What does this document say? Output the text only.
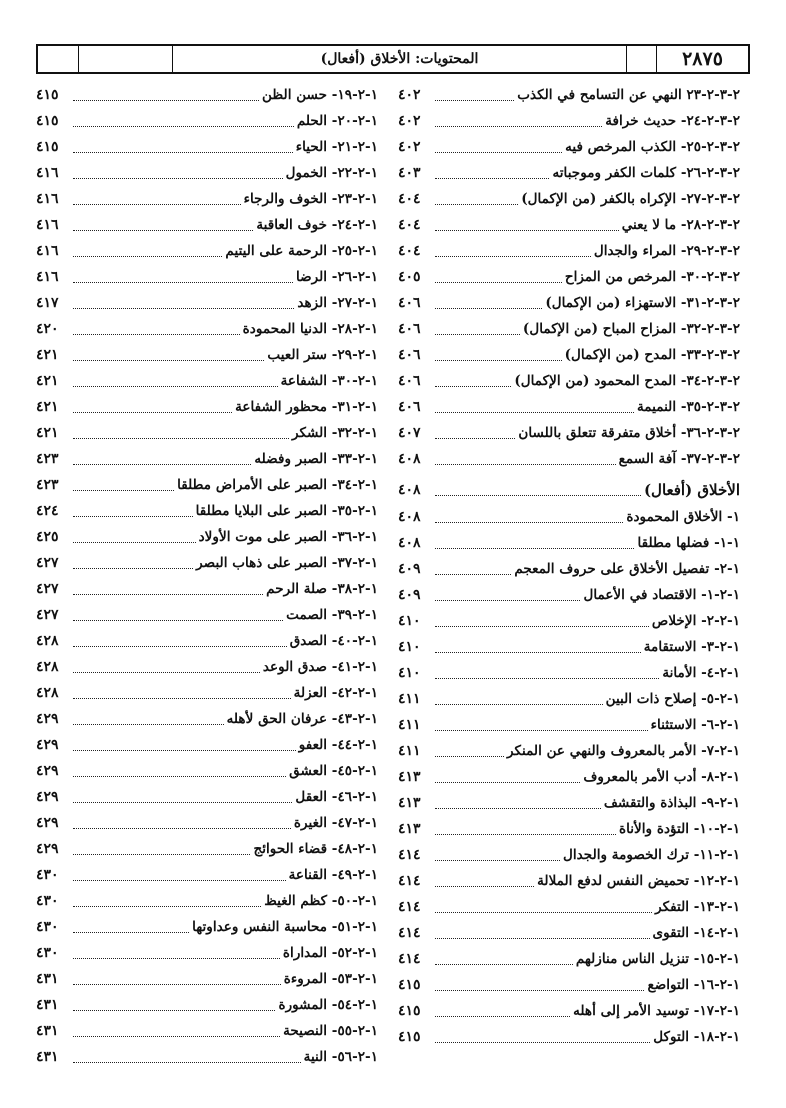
٢٨٧٥
المحتويات: الأخلاق (أفعال)
٢-٣-٢-٢٣ النهي عن التسامح في الكذب
٤٠٢
٢-٣-٢-٢٤- حديث خرافة
٤٠٢
٢-٣-٢-٢٥- الكذب المرخص فيه
٤٠٢
٢-٣-٢-٢٦- كلمات الكفر وموجباته
٤٠٣
٢-٣-٢-٢٧- الإكراه بالكفر (من الإكمال)
٤٠٤
٢-٣-٢-٢٨- ما لا يعني
٤٠٤
٢-٣-٢-٢٩- المراء والجدال
٤٠٤
٢-٣-٢-٣٠- المرخص من المزاح
٤٠٥
٢-٣-٢-٣١- الاستهزاء (من الإكمال)
٤٠٦
٢-٣-٢-٣٢- المزاح المباح (من الإكمال)
٤٠٦
٢-٣-٢-٣٣- المدح (من الإكمال)
٤٠٦
٢-٣-٢-٣٤- المدح المحمود (من الإكمال)
٤٠٦
٢-٣-٢-٣٥- النميمة
٤٠٦
٢-٣-٢-٣٦- أخلاق متفرقة تتعلق باللسان
٤٠٧
٢-٣-٢-٣٧- آفة السمع
٤٠٨
الأخلاق (أفعال)
٤٠٨
١- الأخلاق المحمودة
٤٠٨
١-١- فضلها مطلقا
٤٠٨
١-٢- تفصيل الأخلاق على حروف المعجم
٤٠٩
١-٢-١- الاقتصاد في الأعمال
٤٠٩
١-٢-٢- الإخلاص
٤١٠
١-٢-٣- الاستقامة
٤١٠
١-٢-٤- الأمانة
٤١٠
١-٢-٥- إصلاح ذات البين
٤١١
١-٢-٦- الاستثناء
٤١١
١-٢-٧- الأمر بالمعروف والنهي عن المنكر
٤١١
١-٢-٨- أدب الأمر بالمعروف
٤١٣
١-٢-٩- البذاذة والتقشف
٤١٣
١-٢-١٠- التؤدة والأناة
٤١٣
١-٢-١١- ترك الخصومة والجدال
٤١٤
١-٢-١٢- تحميض النفس لدفع الملالة
٤١٤
١-٢-١٣- التفكر
٤١٤
١-٢-١٤- التقوى
٤١٤
١-٢-١٥- تنزيل الناس منازلهم
٤١٤
١-٢-١٦- التواضع
٤١٥
١-٢-١٧- توسيد الأمر إلى أهله
٤١٥
١-٢-١٨- التوكل
٤١٥
١-٢-١٩- حسن الظن
٤١٥
١-٢-٢٠- الحلم
٤١٥
١-٢-٢١- الحياء
٤١٥
١-٢-٢٢- الخمول
٤١٦
١-٢-٢٣- الخوف والرجاء
٤١٦
١-٢-٢٤- خوف العاقبة
٤١٦
١-٢-٢٥- الرحمة على اليتيم
٤١٦
١-٢-٢٦- الرضا
٤١٦
١-٢-٢٧- الزهد
٤١٧
١-٢-٢٨- الدنيا المحمودة
٤٢٠
١-٢-٢٩- ستر العيب
٤٢١
١-٢-٣٠- الشفاعة
٤٢١
١-٢-٣١- محظور الشفاعة
٤٢١
١-٢-٣٢- الشكر
٤٢١
١-٢-٣٣- الصبر وفضله
٤٢٣
١-٢-٣٤- الصبر على الأمراض مطلقا
٤٢٣
١-٢-٣٥- الصبر على البلايا مطلقا
٤٢٤
١-٢-٣٦- الصبر على موت الأولاد
٤٢٥
١-٢-٣٧- الصبر على ذهاب البصر
٤٢٧
١-٢-٣٨- صلة الرحم
٤٢٧
١-٢-٣٩- الصمت
٤٢٧
١-٢-٤٠- الصدق
٤٢٨
١-٢-٤١- صدق الوعد
٤٢٨
١-٢-٤٢- العزلة
٤٢٨
١-٢-٤٣- عرفان الحق لأهله
٤٢٩
١-٢-٤٤- العفو
٤٢٩
١-٢-٤٥- العشق
٤٢٩
١-٢-٤٦- العقل
٤٢٩
١-٢-٤٧- الغيرة
٤٢٩
١-٢-٤٨- قضاء الحوائج
٤٢٩
١-٢-٤٩- القناعة
٤٣٠
١-٢-٥٠- كظم الغيظ
٤٣٠
١-٢-٥١- محاسبة النفس وعداوتها
٤٣٠
١-٢-٥٢- المداراة
٤٣٠
١-٢-٥٣- المروءة
٤٣١
١-٢-٥٤- المشورة
٤٣١
١-٢-٥٥- النصيحة
٤٣١
١-٢-٥٦- النية
٤٣١
